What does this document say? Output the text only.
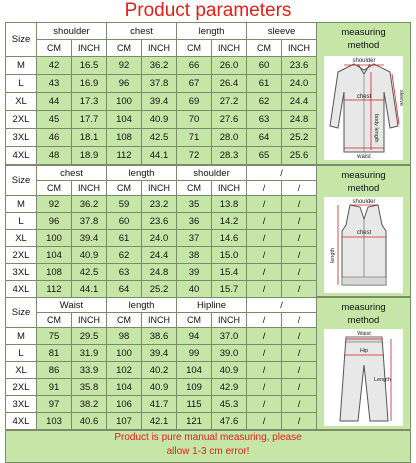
Product parameters
Size	shoulder		chest		length		sleeve	
	CM	INCH	CM	INCH	CM	INCH	CM	INCH
M	42	16.5	92	36.2	66	26.0	60	23.6
L	43	16.9	96	37.8	67	26.4	61	24.0
XL	44	17.3	100	39.4	69	27.2	62	24.4
2XL	45	17.7	104	40.9	70	27.6	63	24.8
3XL	46	18.1	108	42.5	71	28.0	64	25.2
4XL	48	18.9	112	44.1	72	28.3	65	25.6
measuring
method
shoulder
chest
body length
waist
sleeve
Size	chest		length		shoulder		/	
	CM	INCH	CM	INCH	CM	INCH	/	/
M	92	36.2	59	23.2	35	13.8	/	/
L	96	37.8	60	23.6	36	14.2	/	/
XL	100	39.4	61	24.0	37	14.6	/	/
2XL	104	40.9	62	24.4	38	15.0	/	/
3XL	108	42.5	63	24.8	39	15.4	/	/
4XL	112	44.1	64	25.2	40	15.7	/	/
measuring
method
shoulder
chest
length
Size	Waist		length		Hipline		/	
	CM	INCH	CM	INCH	CM	INCH	/	/
M	75	29.5	98	38.6	94	37.0	/	/
L	81	31.9	100	39.4	99	39.0	/	/
XL	86	33.9	102	40.2	104	40.9	/	/
2XL	91	35.8	104	40.9	109	42.9	/	/
3XL	97	38.2	106	41.7	115	45.3	/	/
4XL	103	40.6	107	42.1	121	47.6	/	/
measuring
method
Waist
Hip
Length
Product is pure manual measuring, please
allow 1-3 cm error!
